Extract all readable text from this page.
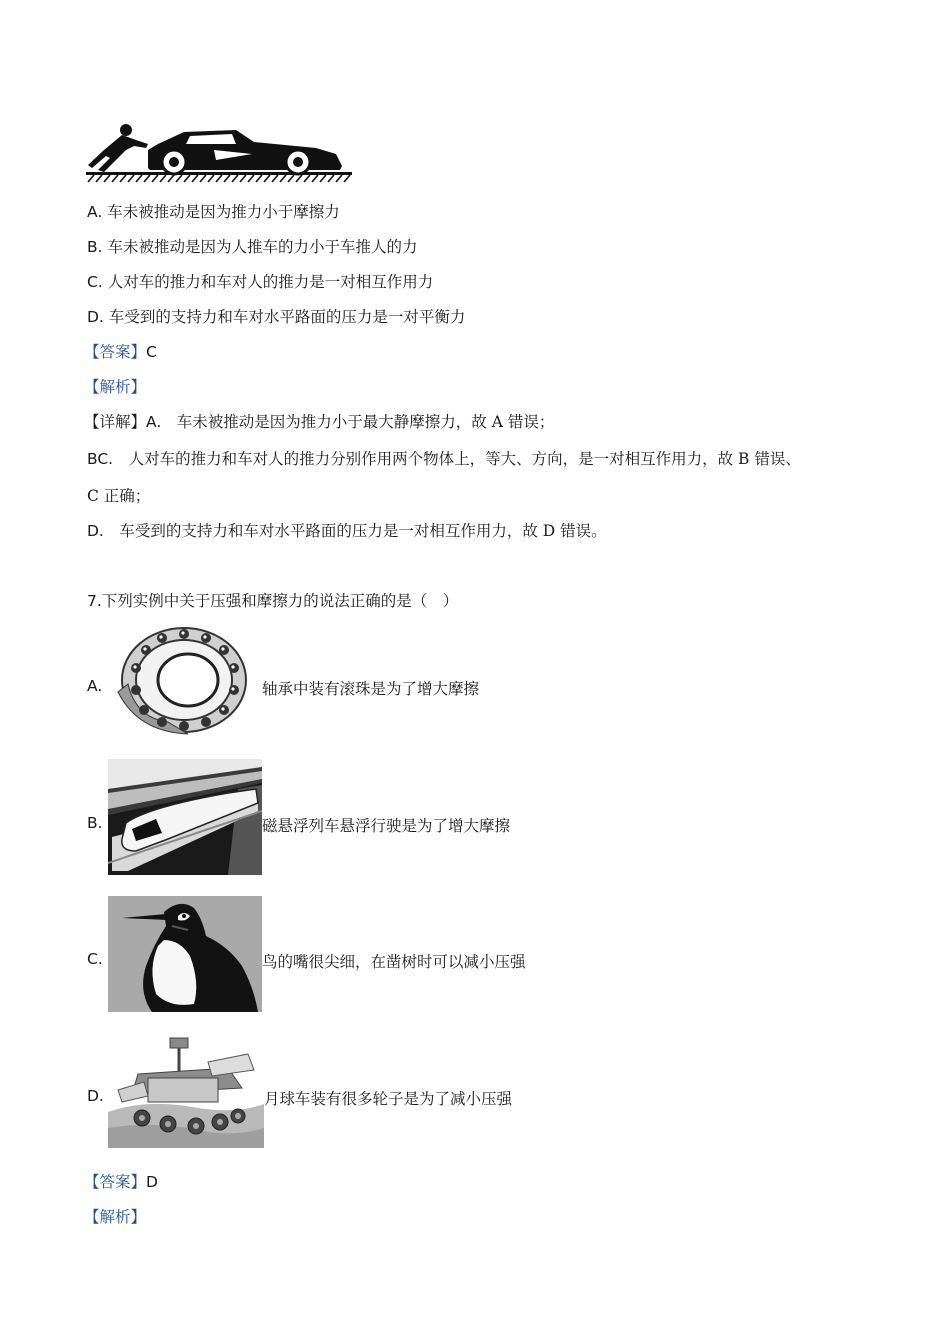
A. 车未被推动是因为推力小于摩擦力
B. 车未被推动是因为人推车的力小于车推人的力
C. 人对车的推力和车对人的推力是一对相互作用力
D. 车受到的支持力和车对水平路面的压力是一对平衡力
【答案】C
【解析】
【详解】A.　车未被推动是因为推力小于最大静摩擦力，故 A 错误；
BC.　人对车的推力和车对人的推力分别作用两个物体上，等大、方向，是一对相互作用力，故 B 错误、
C 正确；
D.　车受到的支持力和车对水平路面的压力是一对相互作用力，故 D 错误。
7.下列实例中关于压强和摩擦力的说法正确的是（　）
A.	轴承中装有滚珠是为了增大摩擦
B.	磁悬浮列车悬浮行驶是为了增大摩擦
C.	鸟的嘴很尖细，在凿树时可以减小压强
D.	月球车装有很多轮子是为了减小压强
【答案】D
【解析】
